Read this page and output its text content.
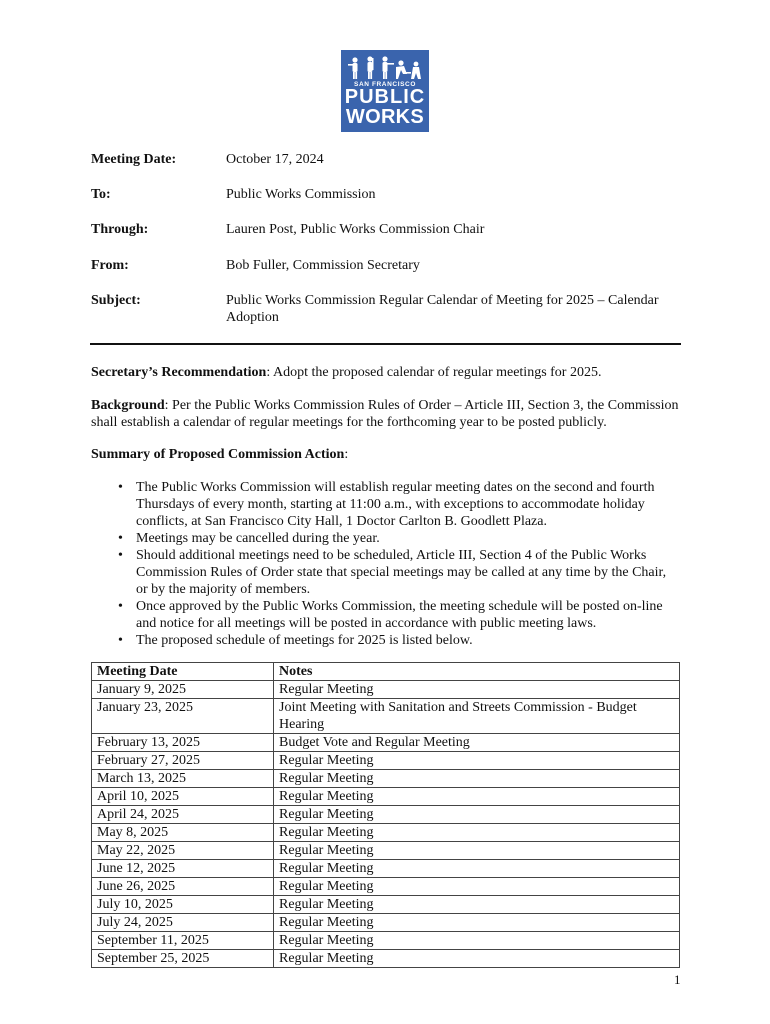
SAN FRANCISCO
PUBLIC
WORKS
Meeting Date:	October 17, 2024
To:	Public Works Commission
Through:	Lauren Post, Public Works Commission Chair
From:	Bob Fuller, Commission Secretary
Subject:	Public Works Commission Regular Calendar of Meeting for 2025 – Calendar Adoption
Secretary’s Recommendation: Adopt the proposed calendar of regular meetings for 2025.
Background: Per the Public Works Commission Rules of Order – Article III, Section 3, the Commission shall establish a calendar of regular meetings for the forthcoming year to be posted publicly.
Summary of Proposed Commission Action:
• The Public Works Commission will establish regular meeting dates on the second and fourth Thursdays of every month, starting at 11:00 a.m., with exceptions to accommodate holiday conflicts, at San Francisco City Hall, 1 Doctor Carlton B. Goodlett Plaza.
• Meetings may be cancelled during the year.
• Should additional meetings need to be scheduled, Article III, Section 4 of the Public Works Commission Rules of Order state that special meetings may be called at any time by the Chair, or by the majority of members.
• Once approved by the Public Works Commission, the meeting schedule will be posted on-line and notice for all meetings will be posted in accordance with public meeting laws.
• The proposed schedule of meetings for 2025 is listed below.
Meeting Date	Notes
January 9, 2025	Regular Meeting
January 23, 2025	Joint Meeting with Sanitation and Streets Commission - Budget Hearing
February 13, 2025	Budget Vote and Regular Meeting
February 27, 2025	Regular Meeting
March 13, 2025	Regular Meeting
April 10, 2025	Regular Meeting
April 24, 2025	Regular Meeting
May 8, 2025	Regular Meeting
May 22, 2025	Regular Meeting
June 12, 2025	Regular Meeting
June 26, 2025	Regular Meeting
July 10, 2025	Regular Meeting
July 24, 2025	Regular Meeting
September 11, 2025	Regular Meeting
September 25, 2025	Regular Meeting
1
